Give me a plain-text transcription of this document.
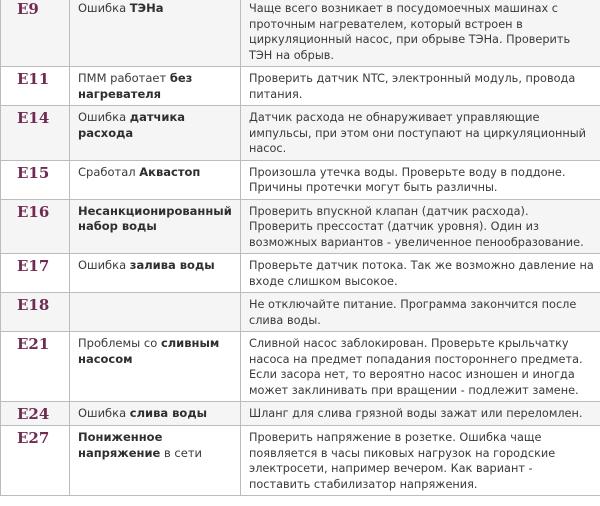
E9	Ошибка ТЭНа	Чаще всего возникает в посудомоечных машинах с проточным нагревателем, который встроен в циркуляционный насос, при обрыве ТЭНа. Проверить ТЭН на обрыв.
E11	ПММ работает без нагревателя	Проверить датчик NTC, электронный модуль, провода питания.
E14	Ошибка датчика расхода	Датчик расхода не обнаруживает управляющие импульсы, при этом они поступают на циркуляционный насос.
E15	Сработал Аквастоп	Произошла утечка воды. Проверьте воду в поддоне. Причины протечки могут быть различны.
E16	Несанкционированный набор воды	Проверить впускной клапан (датчик расхода). Проверить прессостат (датчик уровня). Один из возможных вариантов - увеличенное пенообразование.
E17	Ошибка залива воды	Проверьте датчик потока. Так же возможно давление на входе слишком высокое.
E18		Не отключайте питание. Программа закончится после слива воды.
E21	Проблемы со сливным насосом	Сливной насос заблокирован. Проверьте крыльчатку насоса на предмет попадания постороннего предмета. Если засора нет, то вероятно насос изношен и иногда может заклинивать при вращении - подлежит замене.
E24	Ошибка слива воды	Шланг для слива грязной воды зажат или переломлен.
E27	Пониженное напряжение в сети	Проверить напряжение в розетке. Ошибка чаще появляется в часы пиковых нагрузок на городские электросети, например вечером. Как вариант - поставить стабилизатор напряжения.
